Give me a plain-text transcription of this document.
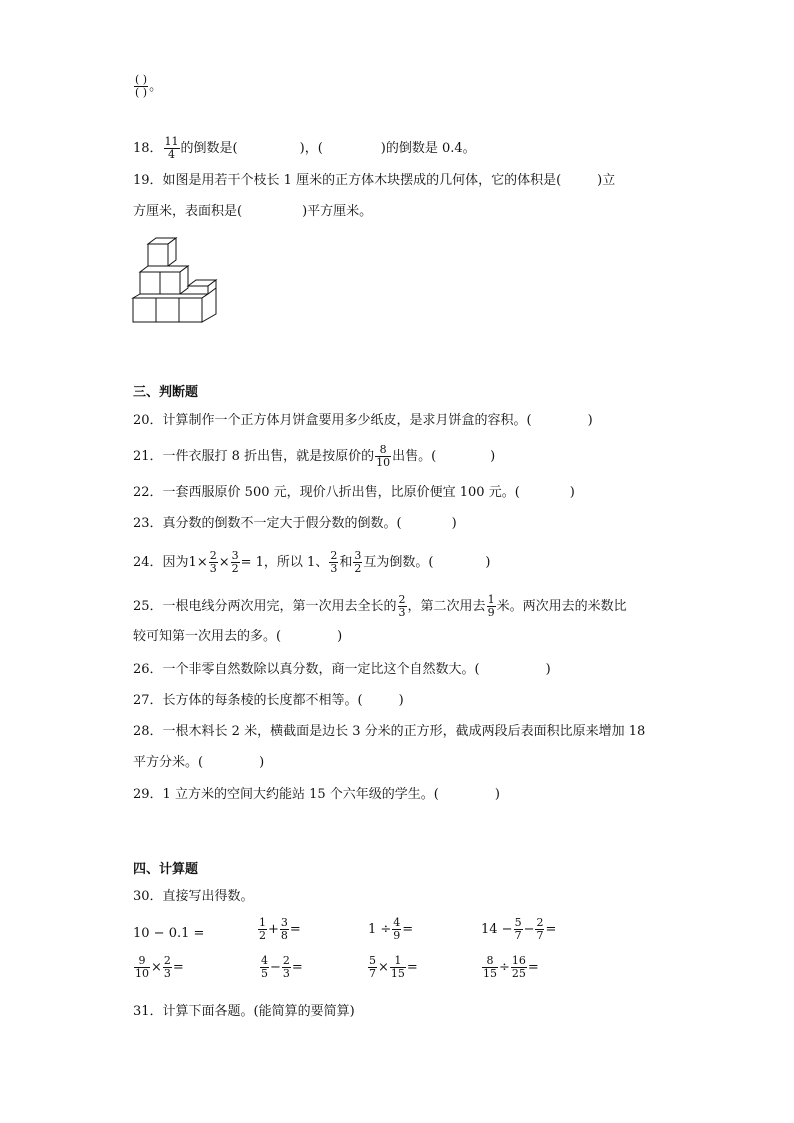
$\frac{( )}{( )}$ 。
18． $\frac{11}{4}$ 的倒数是(	)，(	)的倒数是 0.4。
19．如图是用若干个枝长 1 厘米的正方体木块摆成的几何体，它的体积是(	)立
方厘米，表面积是(	)平方厘米。
三、判断题
20．计算制作一个正方体月饼盒要用多少纸皮，是求月饼盒的容积。(	)
21．一件衣服打 8 折出售，就是按原价的 $\frac{8}{10}$ 出售。(	)
22．一套西服原价 500 元，现价八折出售，比原价便宜 100 元。(	)
23．真分数的倒数不一定大于假分数的倒数。(	)
24．因为$1\times \frac{2}{3} \times \frac{3}{2} = 1$，所以 1、 $\frac{2}{3}$ 和 $\frac{3}{2}$ 互为倒数。(	)
25．一根电线分两次用完，第一次用去全长的 $\frac{2}{3}$ ，第二次用去 $\frac{1}{9}$ 米。两次用去的米数比
较可知第一次用去的多。(	)
26．一个非零自然数除以真分数，商一定比这个自然数大。(	)
27．长方体的每条棱的长度都不相等。(	)
28．一根木料长 2 米，横截面是边长 3 分米的正方形，截成两段后表面积比原来增加 18
平方分米。(	)
29．1 立方米的空间大约能站 15 个六年级的学生。(	)
四、计算题
30．直接写出得数。
10 − 0.1 =	$\frac{1}{2} + \frac{3}{8}$ =	$1 \div \frac{4}{9}$ =	$14 - \frac{5}{7} - \frac{2}{7}$ =
$\frac{9}{10} \times \frac{2}{3}$ =	$\frac{4}{5} - \frac{2}{3}$ =	$\frac{5}{7} \times \frac{1}{15}$ =	$\frac{8}{15} \div \frac{16}{25}$ =
31．计算下面各题。(能简算的要简算)
